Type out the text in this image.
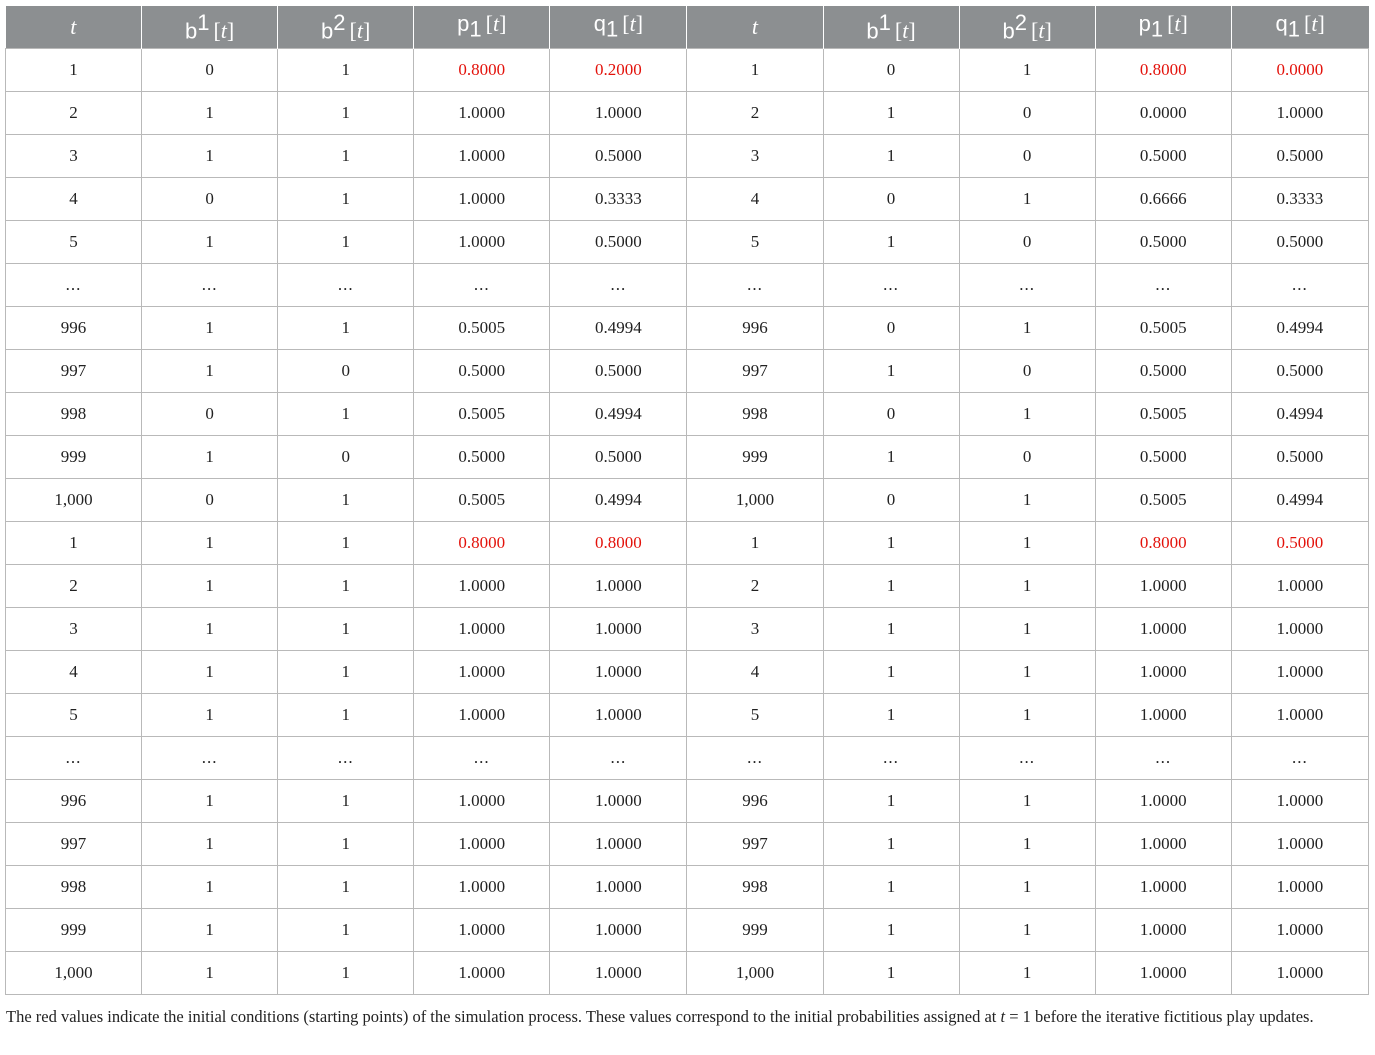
t	$b^1$ [t]	$b^2$ [t]	$p_1$ [t]	$q_1$ [t]	t	$b^1$ [t]	$b^2$ [t]	$p_1$ [t]	$q_1$ [t]
1	0	1	0.8000	0.2000	1	0	1	0.8000	0.0000
2	1	1	1.0000	1.0000	2	1	0	0.0000	1.0000
3	1	1	1.0000	0.5000	3	1	0	0.5000	0.5000
4	0	1	1.0000	0.3333	4	0	1	0.6666	0.3333
5	1	1	1.0000	0.5000	5	1	0	0.5000	0.5000
...	...	...	...	...	...	...	...	...	...
996	1	1	0.5005	0.4994	996	0	1	0.5005	0.4994
997	1	0	0.5000	0.5000	997	1	0	0.5000	0.5000
998	0	1	0.5005	0.4994	998	0	1	0.5005	0.4994
999	1	0	0.5000	0.5000	999	1	0	0.5000	0.5000
1,000	0	1	0.5005	0.4994	1,000	0	1	0.5005	0.4994
1	1	1	0.8000	0.8000	1	1	1	0.8000	0.5000
2	1	1	1.0000	1.0000	2	1	1	1.0000	1.0000
3	1	1	1.0000	1.0000	3	1	1	1.0000	1.0000
4	1	1	1.0000	1.0000	4	1	1	1.0000	1.0000
5	1	1	1.0000	1.0000	5	1	1	1.0000	1.0000
...	...	...	...	...	...	...	...	...	...
996	1	1	1.0000	1.0000	996	1	1	1.0000	1.0000
997	1	1	1.0000	1.0000	997	1	1	1.0000	1.0000
998	1	1	1.0000	1.0000	998	1	1	1.0000	1.0000
999	1	1	1.0000	1.0000	999	1	1	1.0000	1.0000
1,000	1	1	1.0000	1.0000	1,000	1	1	1.0000	1.0000
The red values indicate the initial conditions (starting points) of the simulation process. These values correspond to the initial probabilities assigned at t = 1 before the iterative fictitious play updates.
